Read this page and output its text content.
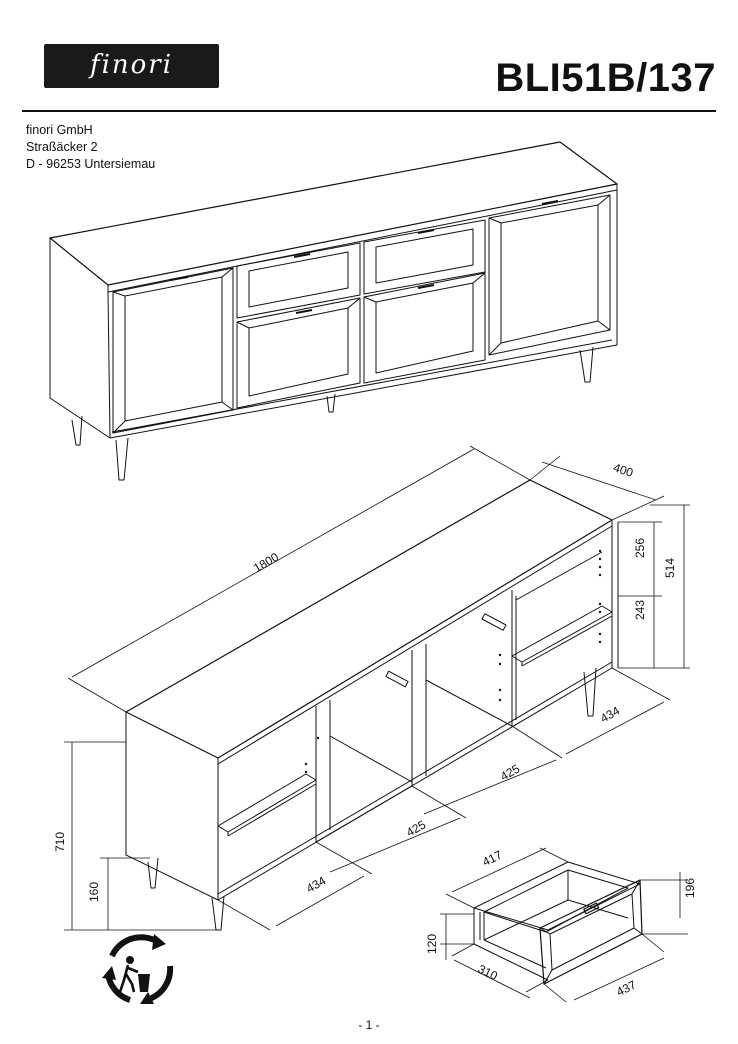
finori	BLI51B/137
finori GmbH
Straßäcker 2
D - 96253 Untersiemau
1800
400
256
243
514
710
160	434
425
425
434
417
196
120
310
437
- 1 -
